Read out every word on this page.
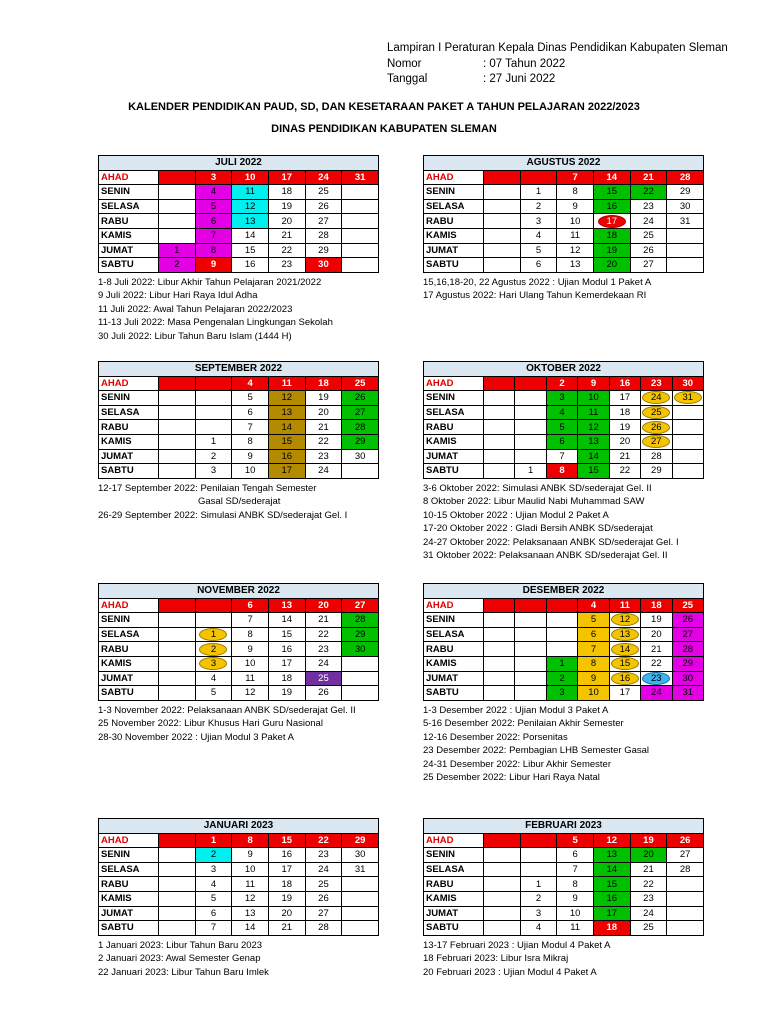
Lampiran I Peraturan Kepala Dinas Pendidikan Kabupaten Sleman
Nomor	: 07 Tahun 2022
Tanggal	: 27 Juni 2022
KALENDER PENDIDIKAN PAUD, SD, DAN KESETARAAN PAKET A TAHUN PELAJARAN 2022/2023
DINAS PENDIDIKAN KABUPATEN SLEMAN
JULI 2022						
AHAD		3	10	17	24	31
SENIN		4	11	18	25	
SELASA		5	12	19	26	
RABU		6	13	20	27	
KAMIS		7	14	21	28	
JUMAT	1	8	15	22	29	
SABTU	2	9	16	23	30	
1-8 Juli 2022: Libur Akhir Tahun Pelajaran 2021/2022
9 Juli 2022: Libur Hari Raya Idul Adha
11 Juli 2022: Awal Tahun Pelajaran 2022/2023
11-13 Juli 2022: Masa Pengenalan Lingkungan Sekolah
30 Juli 2022: Libur Tahun Baru Islam (1444 H)
AGUSTUS 2022						
AHAD			7	14	21	28
SENIN		1	8	15	22	29
SELASA		2	9	16	23	30
RABU		3	10	17	24	31
KAMIS		4	11	18	25	
JUMAT		5	12	19	26	
SABTU		6	13	20	27	
15,16,18-20, 22 Agustus 2022 : Ujian Modul 1 Paket A
17 Agustus 2022: Hari Ulang Tahun Kemerdekaan RI
SEPTEMBER 2022						
AHAD			4	11	18	25
SENIN			5	12	19	26
SELASA			6	13	20	27
RABU			7	14	21	28
KAMIS		1	8	15	22	29
JUMAT		2	9	16	23	30
SABTU		3	10	17	24	
12-17 September 2022: Penilaian Tengah Semester
Gasal SD/sederajat
26-29 September 2022: Simulasi ANBK SD/sederajat Gel. I
OKTOBER 2022							
AHAD			2	9	16	23	30
SENIN			3	10	17	24	31
SELASA			4	11	18	25	
RABU			5	12	19	26	
KAMIS			6	13	20	27	
JUMAT			7	14	21	28	
SABTU		1	8	15	22	29	
3-6 Oktober 2022: Simulasi ANBK SD/sederajat Gel. II
8 Oktober 2022: Libur Maulid Nabi Muhammad SAW
10-15 Oktober 2022 : Ujian Modul 2 Paket A
17-20 Oktober 2022 : Gladi Bersih ANBK SD/sederajat
24-27 Oktober 2022: Pelaksanaan ANBK SD/sederajat Gel. I
31 Oktober 2022: Pelaksanaan ANBK SD/sederajat Gel. II
NOVEMBER 2022						
AHAD			6	13	20	27
SENIN			7	14	21	28
SELASA		1	8	15	22	29
RABU		2	9	16	23	30
KAMIS		3	10	17	24	
JUMAT		4	11	18	25	
SABTU		5	12	19	26	
1-3 November 2022: Pelaksanaan ANBK SD/sederajat Gel. II
25 November 2022: Libur Khusus Hari Guru Nasional
28-30 November 2022 : Ujian Modul 3 Paket A
DESEMBER 2022							
AHAD				4	11	18	25
SENIN				5	12	19	26
SELASA				6	13	20	27
RABU				7	14	21	28
KAMIS			1	8	15	22	29
JUMAT			2	9	16	23	30
SABTU			3	10	17	24	31
1-3 Desember 2022 : Ujian Modul 3 Paket A
5-16 Desember 2022: Penilaian Akhir Semester
12-16 Desember 2022: Porsenitas
23 Desember 2022: Pembagian LHB Semester Gasal
24-31 Desember 2022: Libur Akhir Semester
25 Desember 2022: Libur Hari Raya Natal
JANUARI 2023						
AHAD		1	8	15	22	29
SENIN		2	9	16	23	30
SELASA		3	10	17	24	31
RABU		4	11	18	25	
KAMIS		5	12	19	26	
JUMAT		6	13	20	27	
SABTU		7	14	21	28	
1 Januari 2023: Libur Tahun Baru 2023
2 Januari 2023: Awal Semester Genap
22 Januari 2023: Libur Tahun Baru Imlek
FEBRUARI 2023						
AHAD			5	12	19	26
SENIN			6	13	20	27
SELASA			7	14	21	28
RABU		1	8	15	22	
KAMIS		2	9	16	23	
JUMAT		3	10	17	24	
SABTU		4	11	18	25	
13-17 Februari 2023 : Ujian Modul 4 Paket A
18 Februari 2023: Libur Isra Mikraj
20 Februari 2023 : Ujian Modul 4 Paket A
